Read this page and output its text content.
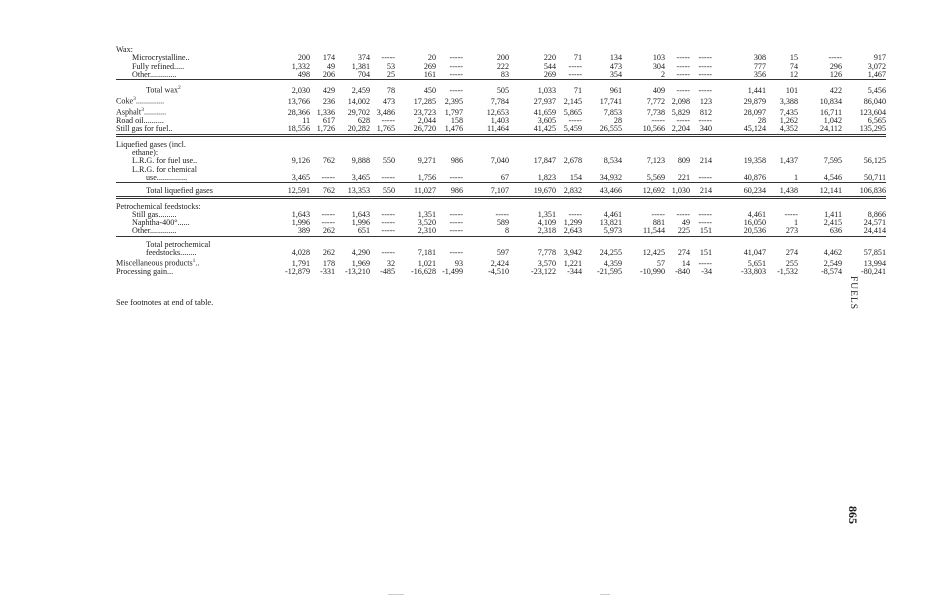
Wax:																	
Microcrystalline..	200	174	374	-----	20	-----	200	220	71	134	103	-----	-----	308	15	-----	917
Fully refined.....	1,332	49	1,381	53	269	-----	222	544	-----	473	304	-----	-----	777	74	296	3,072
Other.............	498	206	704	25	161	-----	83	269	-----	354	2	-----	-----	356	12	126	1,467
Total wax$^2$	2,030	429	2,459	78	450	-----	505	1,033	71	961	409	-----	-----	1,441	101	422	5,456
Coke$^3$..............	13,766	236	14,002	473	17,285	2,395	7,784	27,937	2,145	17,741	7,772	2,098	123	29,879	3,388	10,834	86,040
Asphalt$^3$...........	28,366	1,336	29,702	3,486	23,723	1,797	12,653	41,659	5,865	7,853	7,738	5,829	812	28,097	7,435	16,711	123,604
Road oil..........	11	617	628	-----	2,044	158	1,403	3,605	-----	28	-----	-----	-----	28	1,262	1,042	6,565
Still gas for fuel..	18,556	1,726	20,282	1,765	26,720	1,476	11,464	41,425	5,459	26,555	10,566	2,204	340	45,124	4,352	24,112	135,295
Liquefied gases (incl.																	
ethane):																	
L.R.G. for fuel use..	9,126	762	9,888	550	9,271	986	7,040	17,847	2,678	8,534	7,123	809	214	19,358	1,437	7,595	56,125
L.R.G. for chemical																	
use...............	3,465	-----	3,465	-----	1,756	-----	67	1,823	154	34,932	5,569	221	-----	40,876	1	4,546	50,711
Total liquefied gases	12,591	762	13,353	550	11,027	986	7,107	19,670	2,832	43,466	12,692	1,030	214	60,234	1,438	12,141	106,836
Petrochemical feedstocks:																	
Still gas.........	1,643	-----	1,643	-----	1,351	-----	-----	1,351	-----	4,461	-----	-----	-----	4,461	-----	1,411	8,866
Naphtha-400°......	1,996	-----	1,996	-----	3,520	-----	589	4,109	1,299	13,821	881	49	-----	16,050	1	2,415	24,571
Other.............	389	262	651	-----	2,310	-----	8	2,318	2,643	5,973	11,544	225	151	20,536	273	636	24,414
Total petrochemical																	
feedstocks........	4,028	262	4,290	-----	7,181	-----	597	7,778	3,942	24,255	12,425	274	151	41,047	274	4,462	57,851
Miscellaneous products$^1$..	1,791	178	1,969	32	1,021	93	2,424	3,570	1,221	4,359	57	14	-----	5,651	255	2,549	13,994
Processing gain...	-12,879	-331	-13,210	-485	-16,628	-1,499	-4,510	-23,122	-344	-21,595	-10,990	-840	-34	-33,803	-1,532	-8,574	-80,241
See footnotes at end of table.	FUELS
865
